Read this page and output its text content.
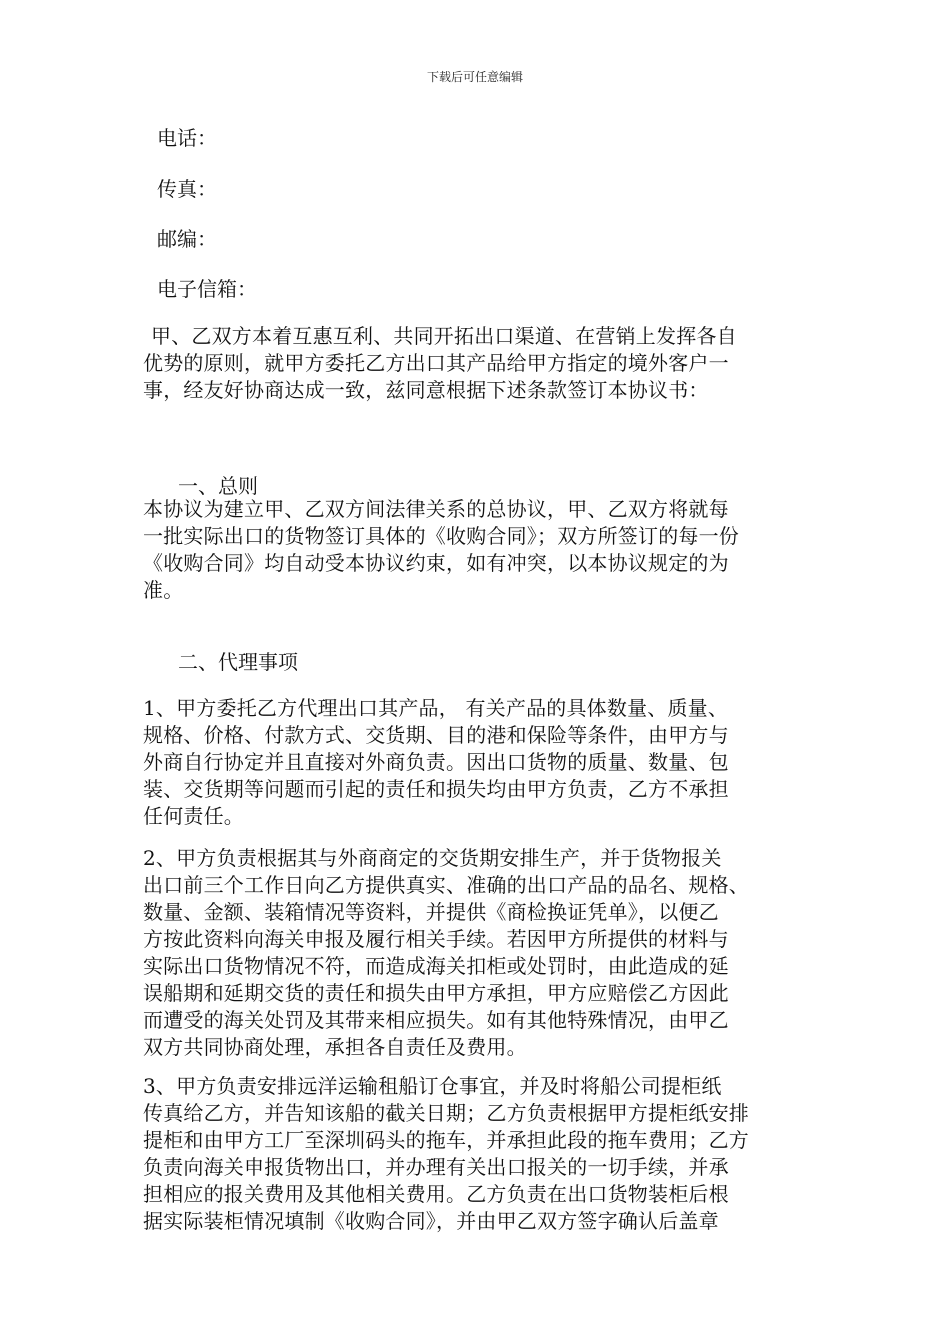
下载后可任意编辑
电话：
传真：
邮编：
电子信箱：
甲、乙双方本着互惠互利、共同开拓出口渠道、在营销上发挥各自
优势的原则，就甲方委托乙方出口其产品给甲方指定的境外客户一
事，经友好协商达成一致，兹同意根据下述条款签订本协议书：
一、总则
本协议为建立甲、乙双方间法律关系的总协议，甲、乙双方将就每
一批实际出口的货物签订具体的《收购合同》；双方所签订的每一份
《收购合同》均自动受本协议约束，如有冲突，以本协议规定的为
准。
二、代理事项
1、甲方委托乙方代理出口其产品， 有关产品的具体数量、质量、
规格、价格、付款方式、交货期、目的港和保险等条件，由甲方与
外商自行协定并且直接对外商负责。因出口货物的质量、数量、包
装、交货期等问题而引起的责任和损失均由甲方负责，乙方不承担
任何责任。
2、甲方负责根据其与外商商定的交货期安排生产，并于货物报关
出口前三个工作日向乙方提供真实、准确的出口产品的品名、规格、
数量、金额、装箱情况等资料，并提供《商检换证凭单》，以便乙
方按此资料向海关申报及履行相关手续。若因甲方所提供的材料与
实际出口货物情况不符，而造成海关扣柜或处罚时，由此造成的延
误船期和延期交货的责任和损失由甲方承担，甲方应赔偿乙方因此
而遭受的海关处罚及其带来相应损失。如有其他特殊情况，由甲乙
双方共同协商处理，承担各自责任及费用。
3、甲方负责安排远洋运输租船订仓事宜，并及时将船公司提柜纸
传真给乙方，并告知该船的截关日期；乙方负责根据甲方提柜纸安排
提柜和由甲方工厂至深圳码头的拖车，并承担此段的拖车费用；乙方
负责向海关申报货物出口，并办理有关出口报关的一切手续，并承
担相应的报关费用及其他相关费用。乙方负责在出口货物装柜后根
据实际装柜情况填制《收购合同》，并由甲乙双方签字确认后盖章
